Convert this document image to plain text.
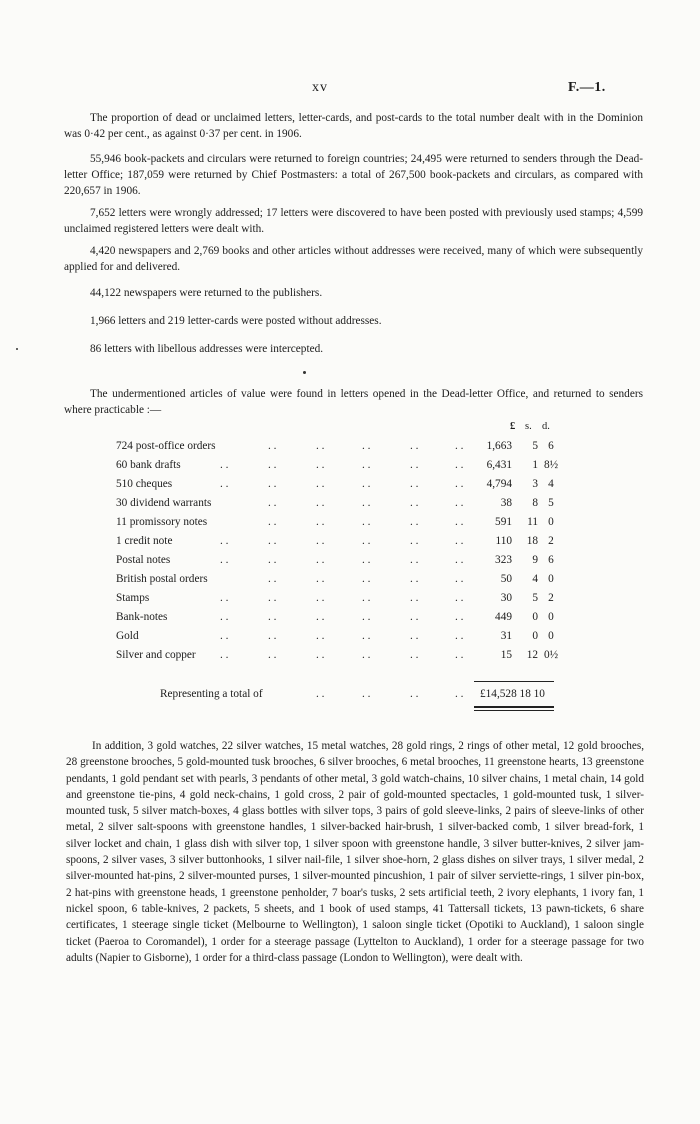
xv	F.—1.

The proportion of dead or unclaimed letters, letter-cards, and post-cards to the total number dealt with in the Dominion was 0·42 per cent., as against 0·37 per cent. in 1906.

55,946 book-packets and circulars were returned to foreign countries; 24,495 were returned to senders through the Dead-letter Office; 187,059 were returned by Chief Postmasters: a total of 267,500 book-packets and circulars, as compared with 220,657 in 1906.

7,652 letters were wrongly addressed; 17 letters were discovered to have been posted with previously used stamps; 4,599 unclaimed registered letters were dealt with.

4,420 newspapers and 2,769 books and other articles without addresses were received, many of which were subsequently applied for and delivered.

44,122 newspapers were returned to the publishers.

1,966 letters and 219 letter-cards were posted without addresses.

86 letters with libellous addresses were intercepted.

The undermentioned articles of value were found in letters opened in the Dead-letter Office, and returned to senders where practicable :—

£ s. d.
724 post-office orders	. .	. .	. .	. .	. .	1,663	5 6
60 bank drafts	. .	. .	. .	. .	. .	. .	6,431	1 8½
510 cheques	. .	. .	. .	. .	. .	. .	4,794	3 4
30 dividend warrants	. .	. .	. .	. .	. .	38	8 5
11 promissory notes	. .	. .	. .	. .	. .	591	11 0
1 credit note	. .	. .	. .	. .	. .	. .	110	18 2
Postal notes	. .	. .	. .	. .	. .	. .	323	9 6
British postal orders	. .	. .	. .	. .	. .	50	4 0
Stamps	. .	. .	. .	. .	. .	. .	30	5 2
Bank-notes	. .	. .	. .	. .	. .	. .	449	0 0
Gold	. .	. .	. .	. .	. .	. .	31	0 0
Silver and copper . .	. .	. .	. .	. .	. .	15	12 0½
Representing a total of	. .	. .	. .	. . £14,528 18 10

In addition, 3 gold watches, 22 silver watches, 15 metal watches, 28 gold rings, 2 rings of other metal, 12 gold brooches, 28 greenstone brooches, 5 gold-mounted tusk brooches, 6 silver brooches, 6 metal brooches, 11 greenstone hearts, 13 greenstone pendants, 1 gold pendant set with pearls, 3 pendants of other metal, 3 gold watch-chains, 10 silver chains, 1 metal chain, 14 gold and greenstone tie-pins, 4 gold neck-chains, 1 gold cross, 2 pair of gold-mounted spectacles, 1 gold-mounted tusk, 1 silver-mounted tusk, 5 silver match-boxes, 4 glass bottles with silver tops, 3 pairs of gold sleeve-links, 2 pairs of sleeve-links of other metal, 2 silver salt-spoons with greenstone handles, 1 silver-backed hair-brush, 1 silver-backed comb, 1 silver bread-fork, 1 silver locket and chain, 1 glass dish with silver top, 1 silver spoon with greenstone handle, 3 silver butter-knives, 2 silver jam-spoons, 2 silver vases, 3 silver buttonhooks, 1 silver nail-file, 1 silver shoe-horn, 2 glass dishes on silver trays, 1 silver medal, 2 silver-mounted hat-pins, 2 silver-mounted purses, 1 silver-mounted pincushion, 1 pair of silver serviette-rings, 1 silver pin-box, 2 hat-pins with greenstone heads, 1 greenstone penholder, 7 boar's tusks, 2 sets artificial teeth, 2 ivory elephants, 1 ivory fan, 1 nickel spoon, 6 table-knives, 2 packets, 5 sheets, and 1 book of used stamps, 41 Tattersall tickets, 13 pawn-tickets, 6 share certificates, 1 steerage single ticket (Melbourne to Wellington), 1 saloon single ticket (Opotiki to Auckland), 1 saloon single ticket (Paeroa to Coromandel), 1 order for a steerage passage (Lyttelton to Auckland), 1 order for a steerage passage for two adults (Napier to Gisborne), 1 order for a third-class passage (London to Wellington), were dealt with.
